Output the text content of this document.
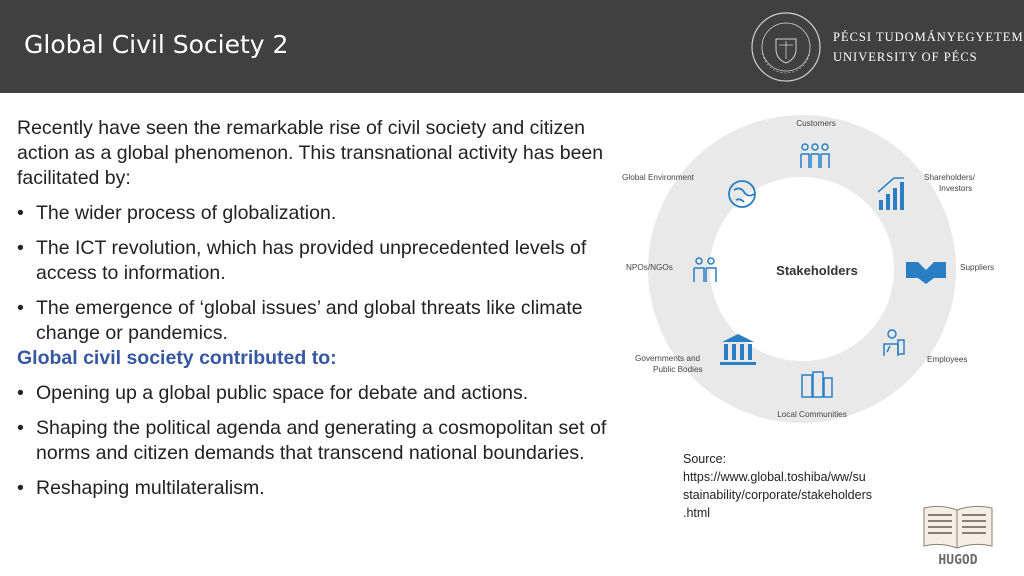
Global Civil Society 2	PÉCSI TUDOMÁNYEGYETEM
UNIVERSITY OF PÉCS

Recently have seen the remarkable rise of civil society and citizen action as a global phenomenon. This transnational activity has been facilitated by:

• The wider process of globalization.
• The ICT revolution, which has provided unprecedented levels of access to information.
• The emergence of ‘global issues’ and global threats like climate change or pandemics.

Global civil society contributed to:

• Opening up a global public space for debate and actions.
• Shaping the political agenda and generating a cosmopolitan set of norms and citizen demands that transcend national boundaries.
• Reshaping multilateralism.
Stakeholders
Customers
Shareholders/
Investors
Suppliers
Employees
Local Communities
Governments and
Public Bodies
NPOs/NGOs
Global Environment
Source:
https://www.global.toshiba/ww/su
stainability/corporate/stakeholders
.html
HUGOD
